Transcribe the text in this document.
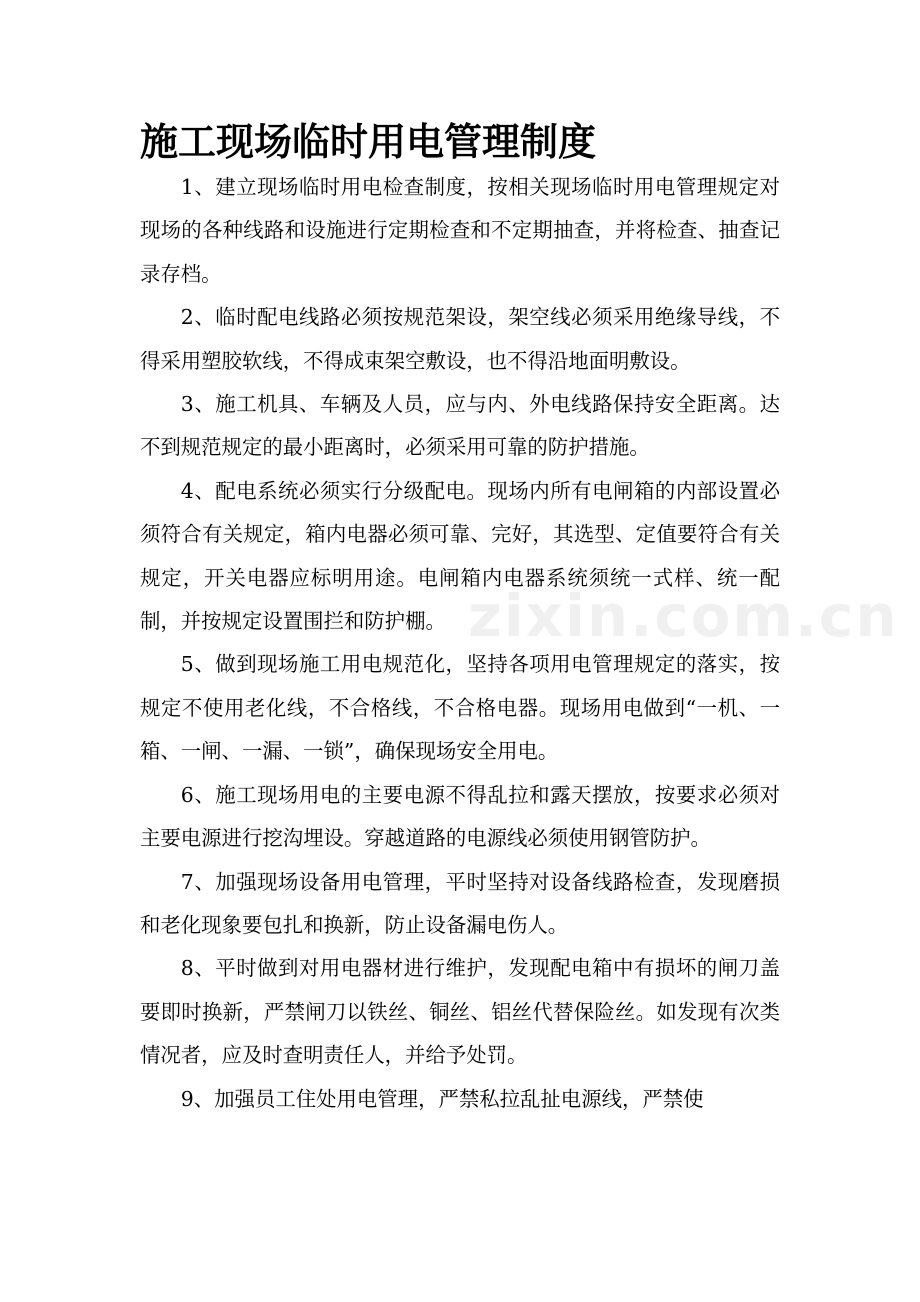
施工现场临时用电管理制度

1、建立现场临时用电检查制度，按相关现场临时用电管理规定对现场的各种线路和设施进行定期检查和不定期抽查，并将检查、抽查记录存档。

2、临时配电线路必须按规范架设，架空线必须采用绝缘导线，不得采用塑胶软线，不得成束架空敷设，也不得沿地面明敷设。

3、施工机具、车辆及人员，应与内、外电线路保持安全距离。达不到规范规定的最小距离时，必须采用可靠的防护措施。

4、配电系统必须实行分级配电。现场内所有电闸箱的内部设置必须符合有关规定，箱内电器必须可靠、完好，其选型、定值要符合有关规定，开关电器应标明用途。电闸箱内电器系统须统一式样、统一配制，并按规定设置围拦和防护棚。

5、做到现场施工用电规范化，坚持各项用电管理规定的落实，按规定不使用老化线，不合格线，不合格电器。现场用电做到“一机、一箱、一闸、一漏、一锁”，确保现场安全用电。

6、施工现场用电的主要电源不得乱拉和露天摆放，按要求必须对主要电源进行挖沟埋设。穿越道路的电源线必须使用钢管防护。

7、加强现场设备用电管理，平时坚持对设备线路检查，发现磨损和老化现象要包扎和换新，防止设备漏电伤人。

8、平时做到对用电器材进行维护，发现配电箱中有损坏的闸刀盖要即时换新，严禁闸刀以铁丝、铜丝、铝丝代替保险丝。如发现有次类情况者，应及时查明责任人，并给予处罚。

9、加强员工住处用电管理，严禁私拉乱扯电源线，严禁使

zixin.com.cn
